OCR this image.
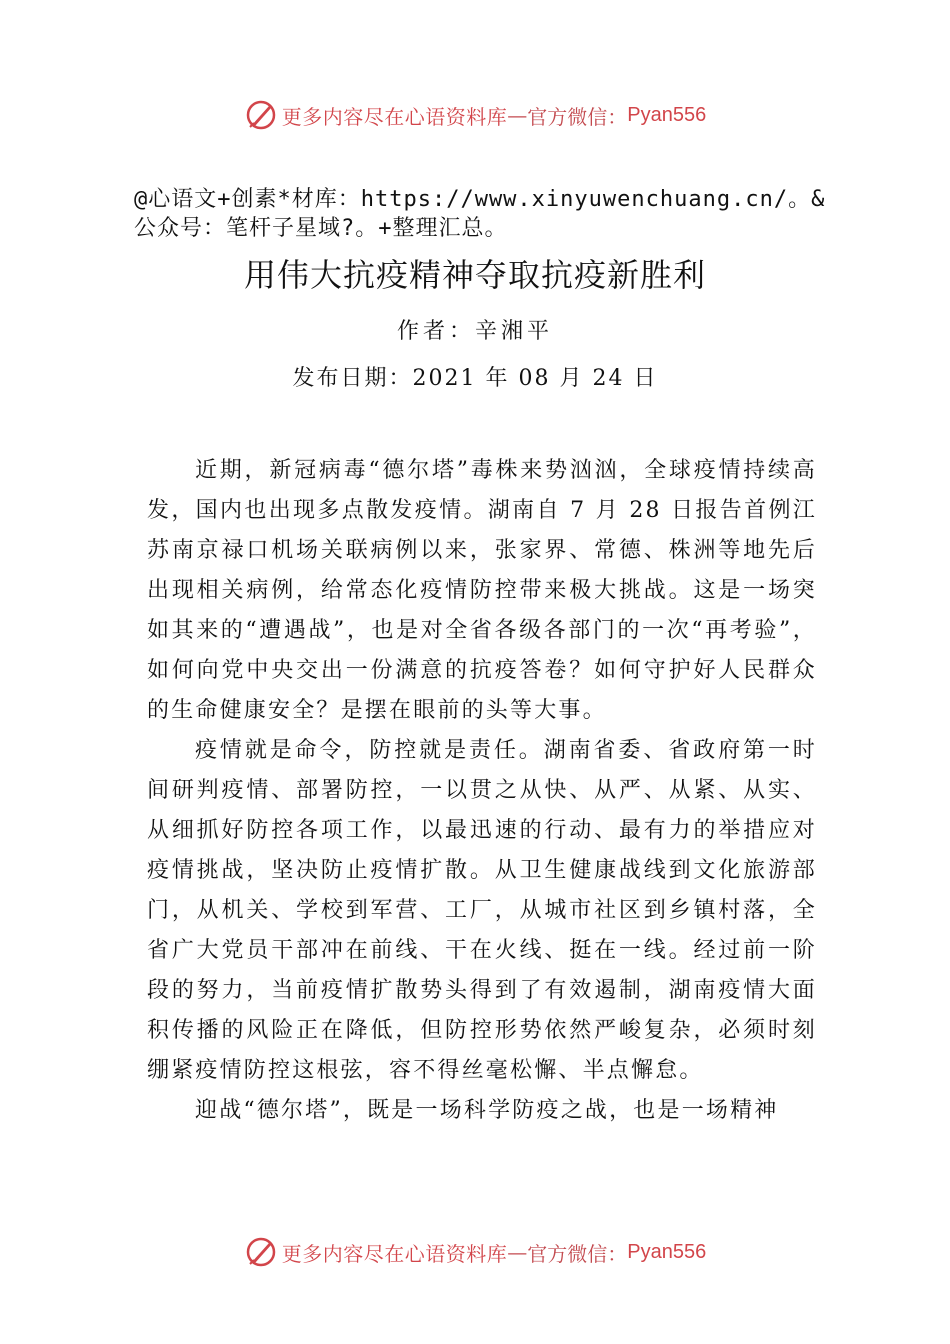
更多内容尽在心语资料库 — 官方微信： Pyan556
@心语文+创素*材库：https://www.xinyuwenchuang.cn/。&公众号：笔杆子星域?。+整理汇总。
用伟大抗疫精神夺取抗疫新胜利
作者：辛湘平
发布日期：2021 年 08 月 24 日

近期，新冠病毒“德尔塔”毒株来势汹汹，全球疫情持续高发，国内也出现多点散发疫情。湖南自 7 月 28 日报告首例江苏南京禄口机场关联病例以来，张家界、常德、株洲等地先后出现相关病例，给常态化疫情防控带来极大挑战。这是一场突如其来的“遭遇战”，也是对全省各级各部门的一次“再考验”，如何向党中央交出一份满意的抗疫答卷？如何守护好人民群众的生命健康安全？是摆在眼前的头等大事。

疫情就是命令，防控就是责任。湖南省委、省政府第一时间研判疫情、部署防控，一以贯之从快、从严、从紧、从实、从细抓好防控各项工作，以最迅速的行动、最有力的举措应对疫情挑战，坚决防止疫情扩散。从卫生健康战线到文化旅游部门，从机关、学校到军营、工厂，从城市社区到乡镇村落，全省广大党员干部冲在前线、干在火线、挺在一线。经过前一阶段的努力，当前疫情扩散势头得到了有效遏制，湖南疫情大面积传播的风险正在降低，但防控形势依然严峻复杂，必须时刻绷紧疫情防控这根弦，容不得丝毫松懈、半点懈怠。

迎战“德尔塔”，既是一场科学防疫之战，也是一场精神

更多内容尽在心语资料库 — 官方微信： Pyan556
